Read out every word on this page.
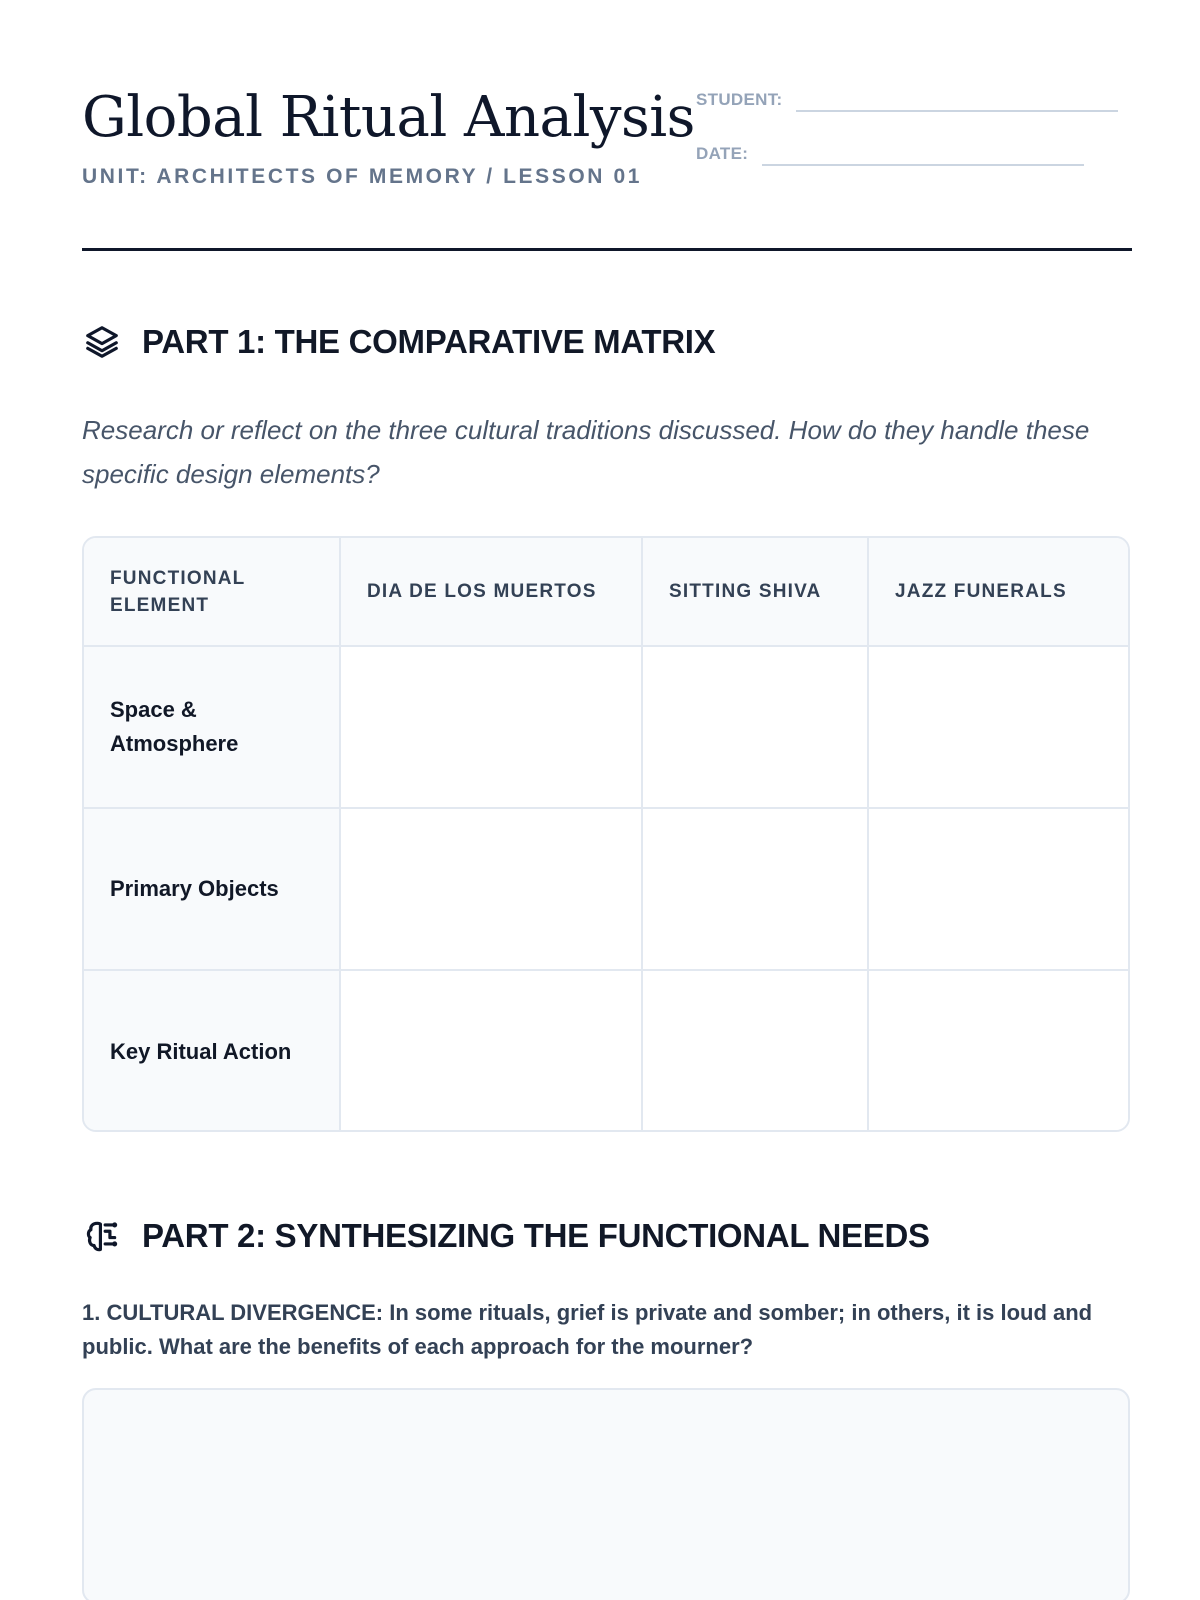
Global Ritual Analysis
UNIT: ARCHITECTS OF MEMORY / LESSON 01
STUDENT:
DATE:
PART 1: THE COMPARATIVE MATRIX

Research or reflect on the three cultural traditions discussed. How do they handle these specific design elements?

FUNCTIONAL ELEMENT	DIA DE LOS MUERTOS	SITTING SHIVA	JAZZ FUNERALS
Space & Atmosphere			
Primary Objects			
Key Ritual Action			
PART 2: SYNTHESIZING THE FUNCTIONAL NEEDS

1. CULTURAL DIVERGENCE: In some rituals, grief is private and somber; in others, it is loud and public. What are the benefits of each approach for the mourner?
